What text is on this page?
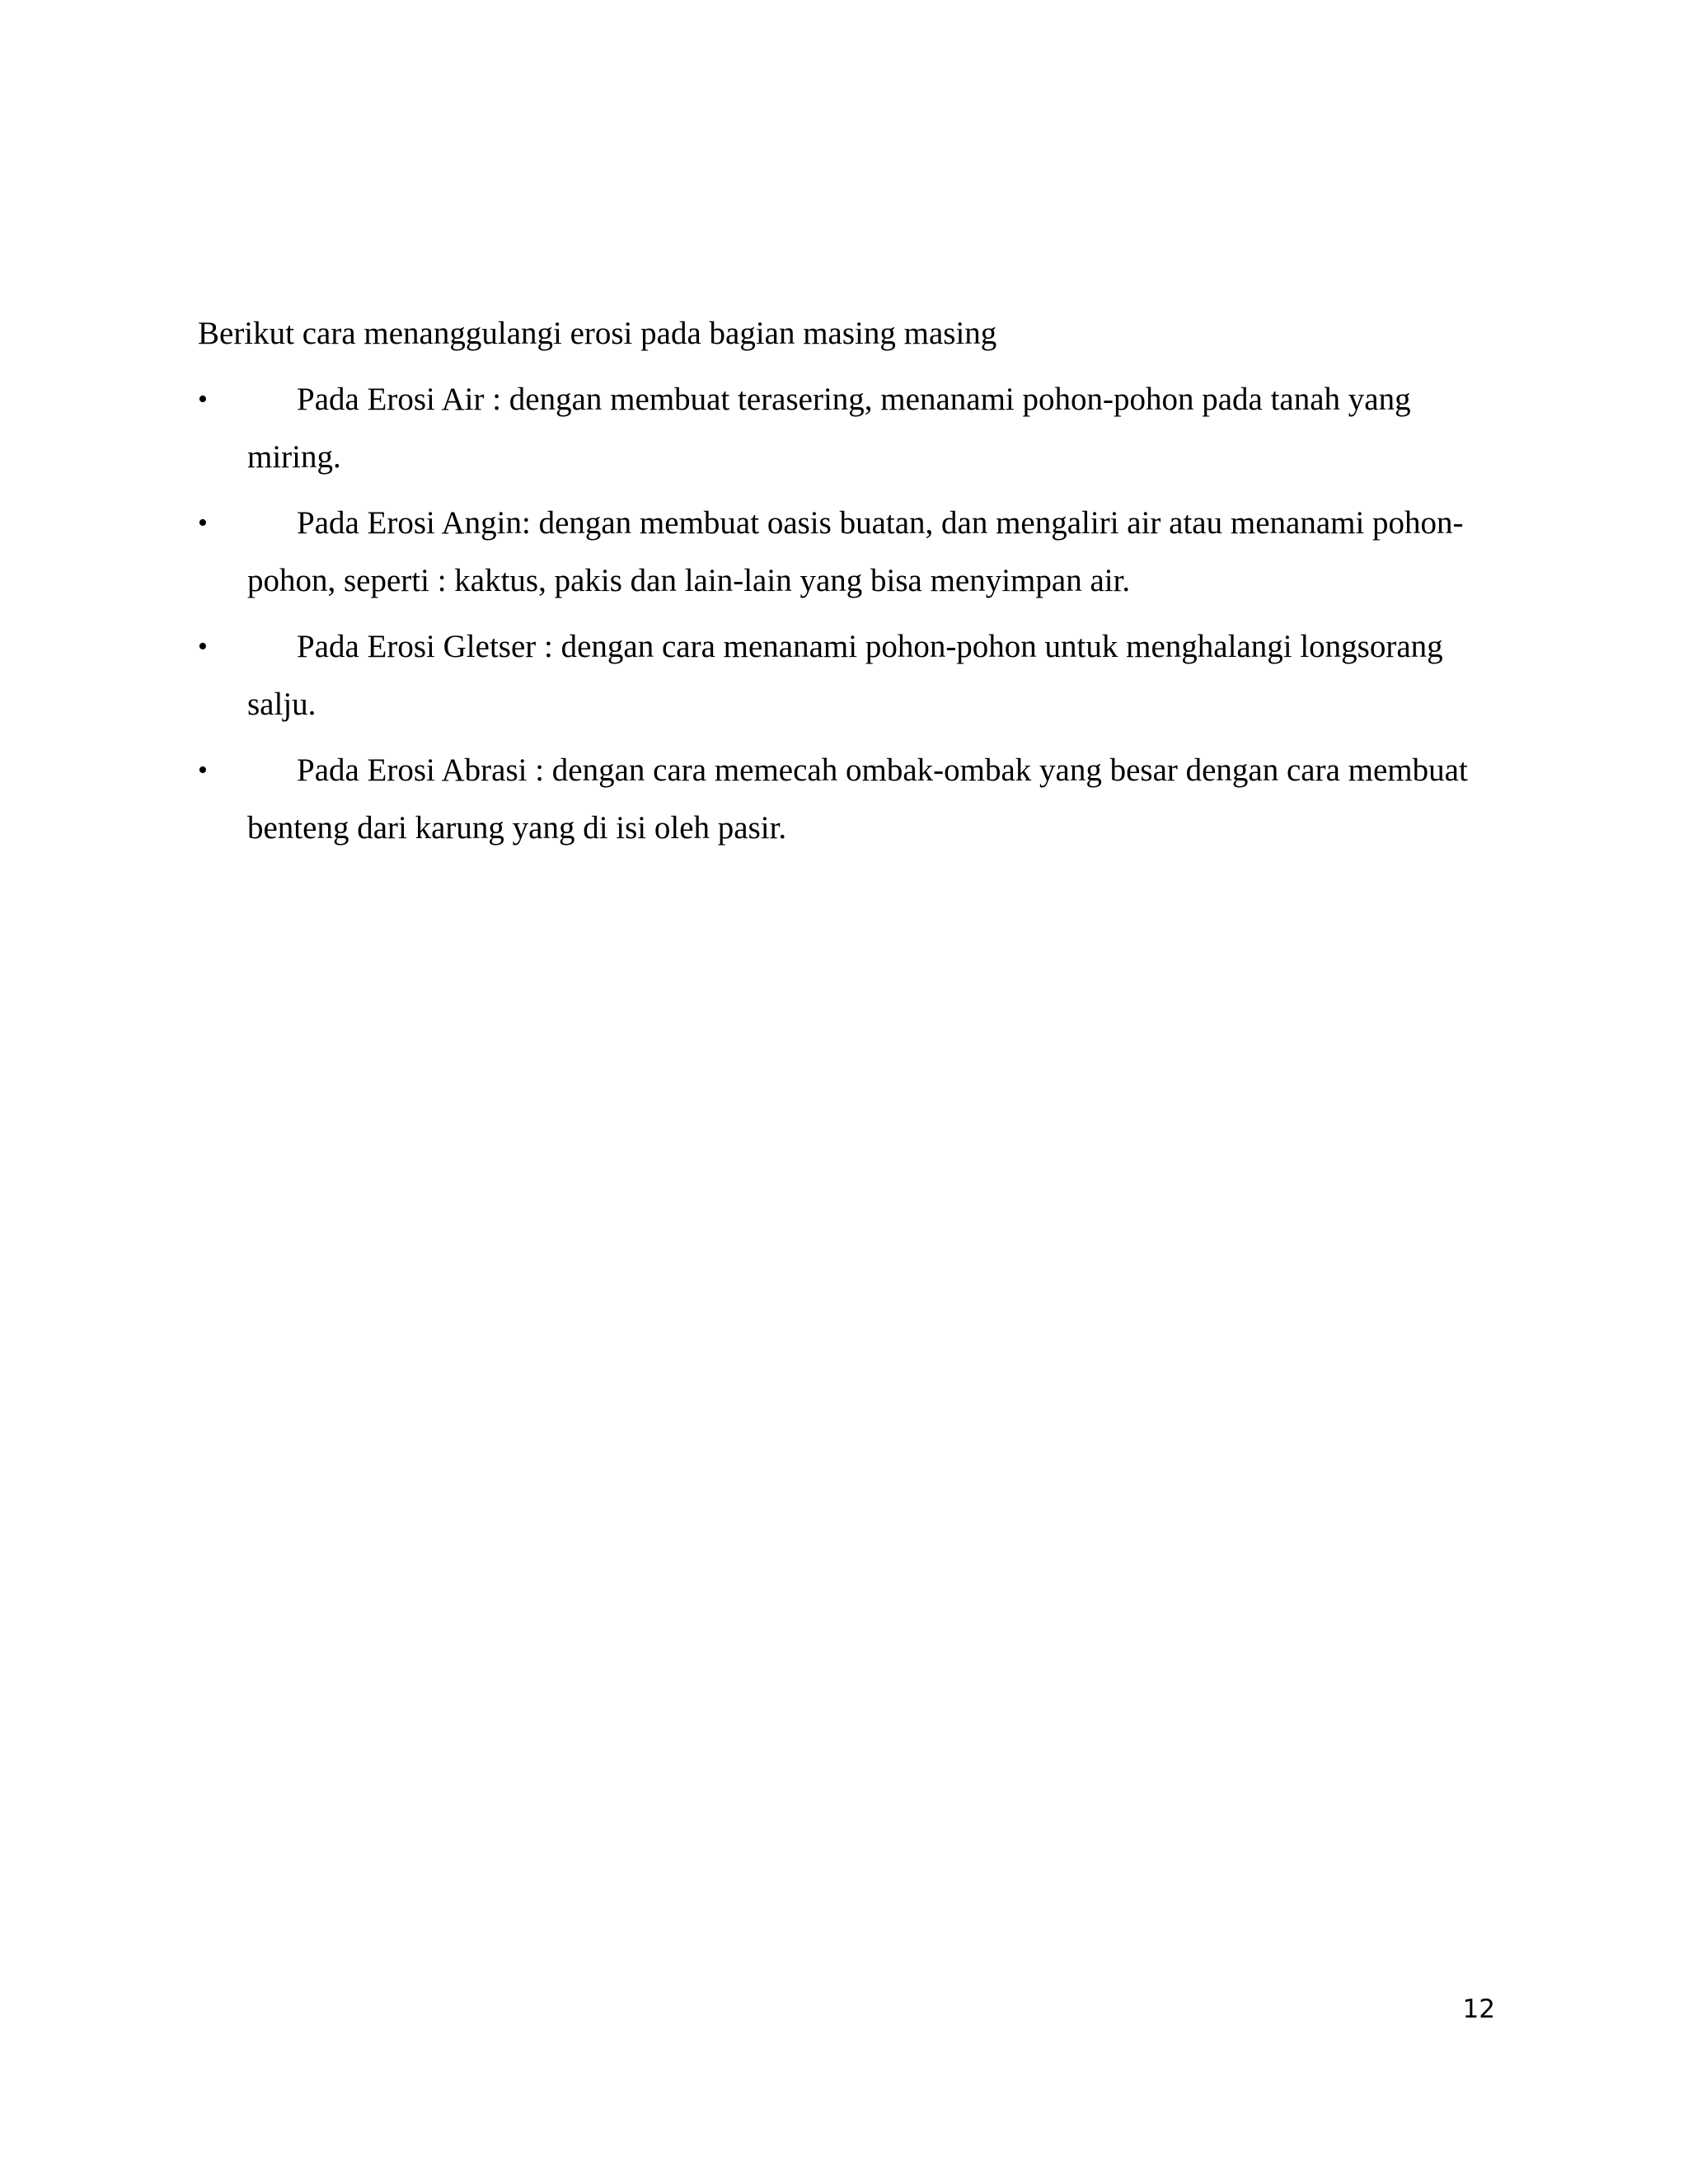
Berikut cara menanggulangi erosi pada bagian masing masing

•	Pada Erosi Air : dengan membuat terasering, menanami pohon-pohon pada tanah yang miring.
•	Pada Erosi Angin: dengan membuat oasis buatan, dan mengaliri air atau menanami pohon-pohon, seperti : kaktus, pakis dan lain-lain yang bisa menyimpan air.
•	Pada Erosi Gletser : dengan cara menanami pohon-pohon untuk menghalangi longsorang salju.
•	Pada Erosi Abrasi : dengan cara memecah ombak-ombak yang besar dengan cara membuat benteng dari karung yang di isi oleh pasir.
12
